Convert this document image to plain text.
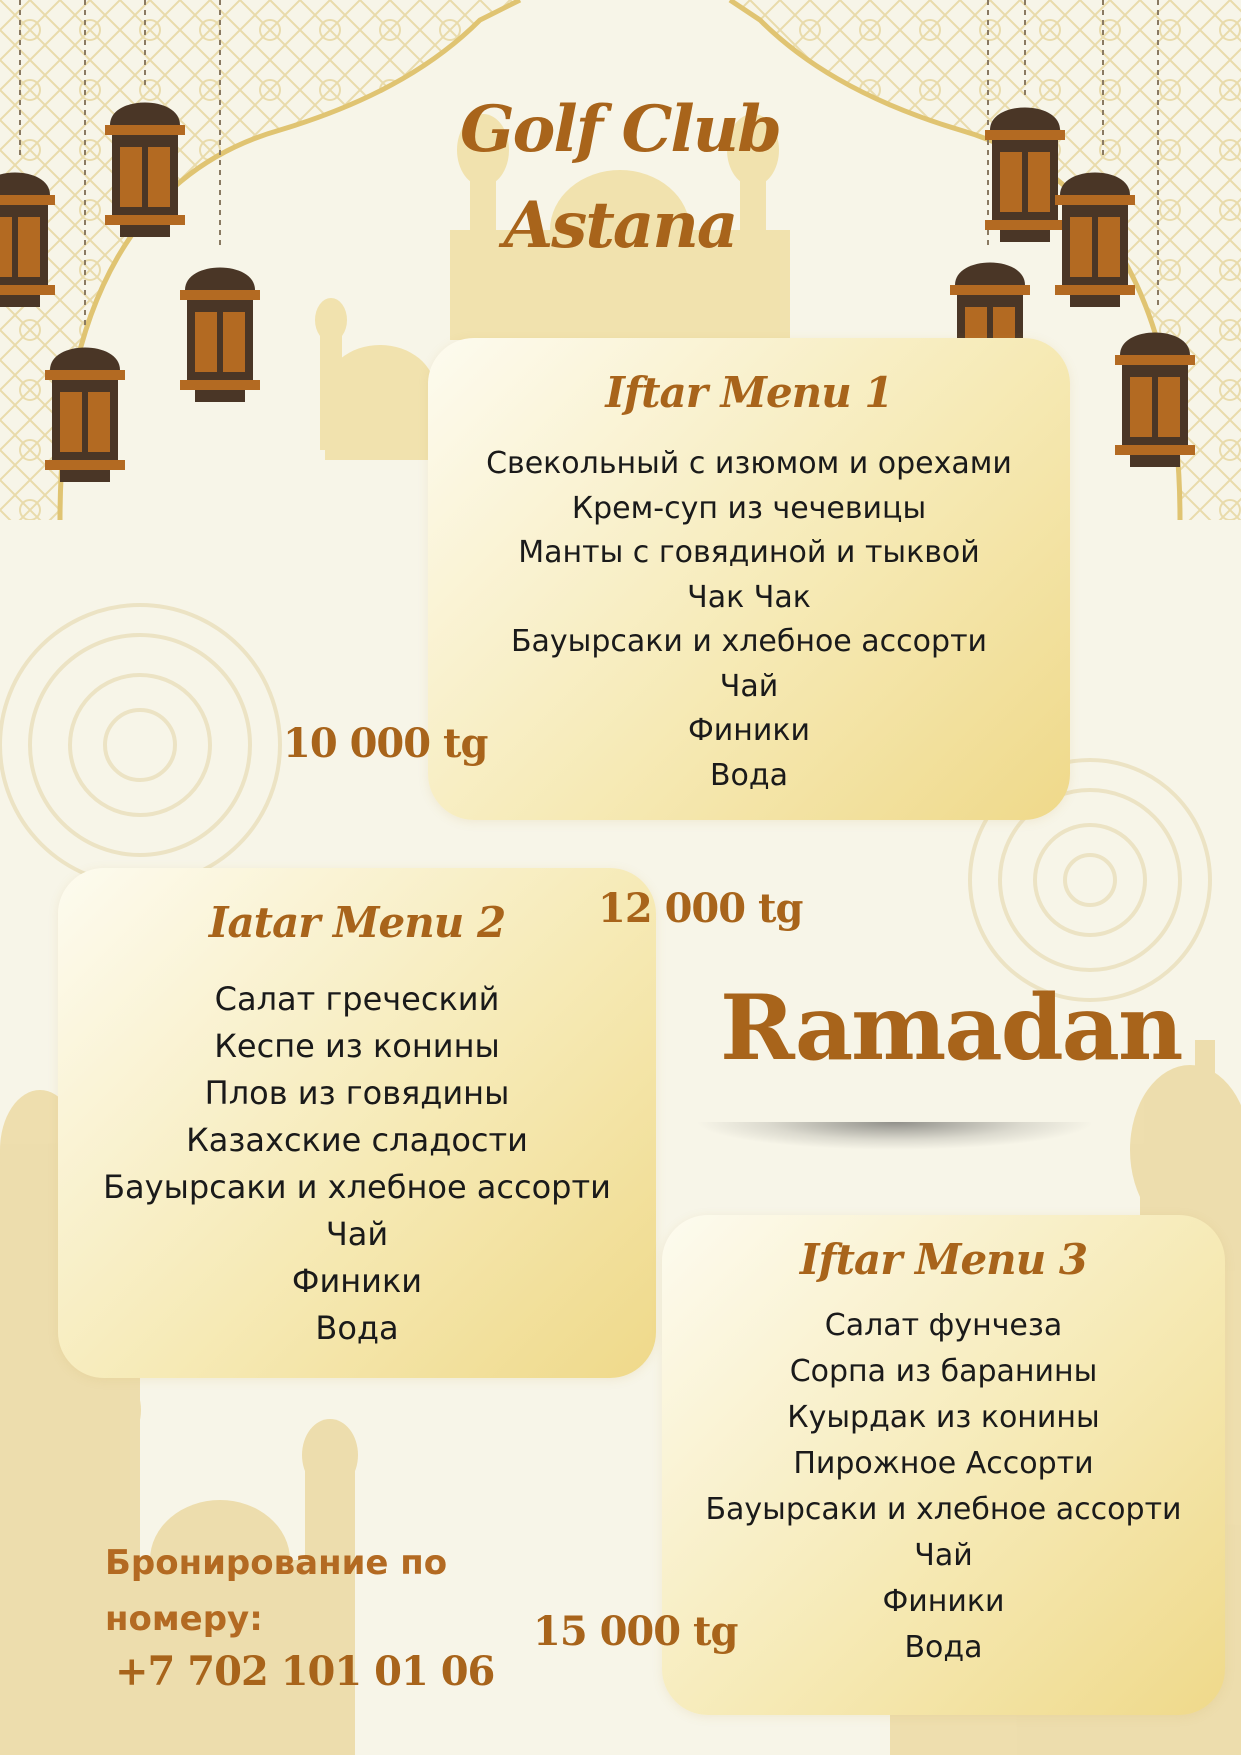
Golf Club
Astana
Iftar Menu 1
Свекольный с изюмом и орехами
Крем-суп из чечевицы
Манты с говядиной и тыквой
Чак Чак
Бауырсаки и хлебное ассорти
Чай
Финики
Вода
10 000 tg
Iatar Menu 2
Салат греческий
Кеспе из конины
Плов из говядины
Казахские сладости
Бауырсаки и хлебное ассорти
Чай
Финики
Вода
12 000 tg
Ramadan
Iftar Menu 3
Салат фунчеза
Сорпа из баранины
Куырдак из конины
Пирожное Ассорти
Бауырсаки и хлебное ассорти
Чай
Финики
Вода
15 000 tg
Бронирование по номеру:
+7 702 101 01 06
